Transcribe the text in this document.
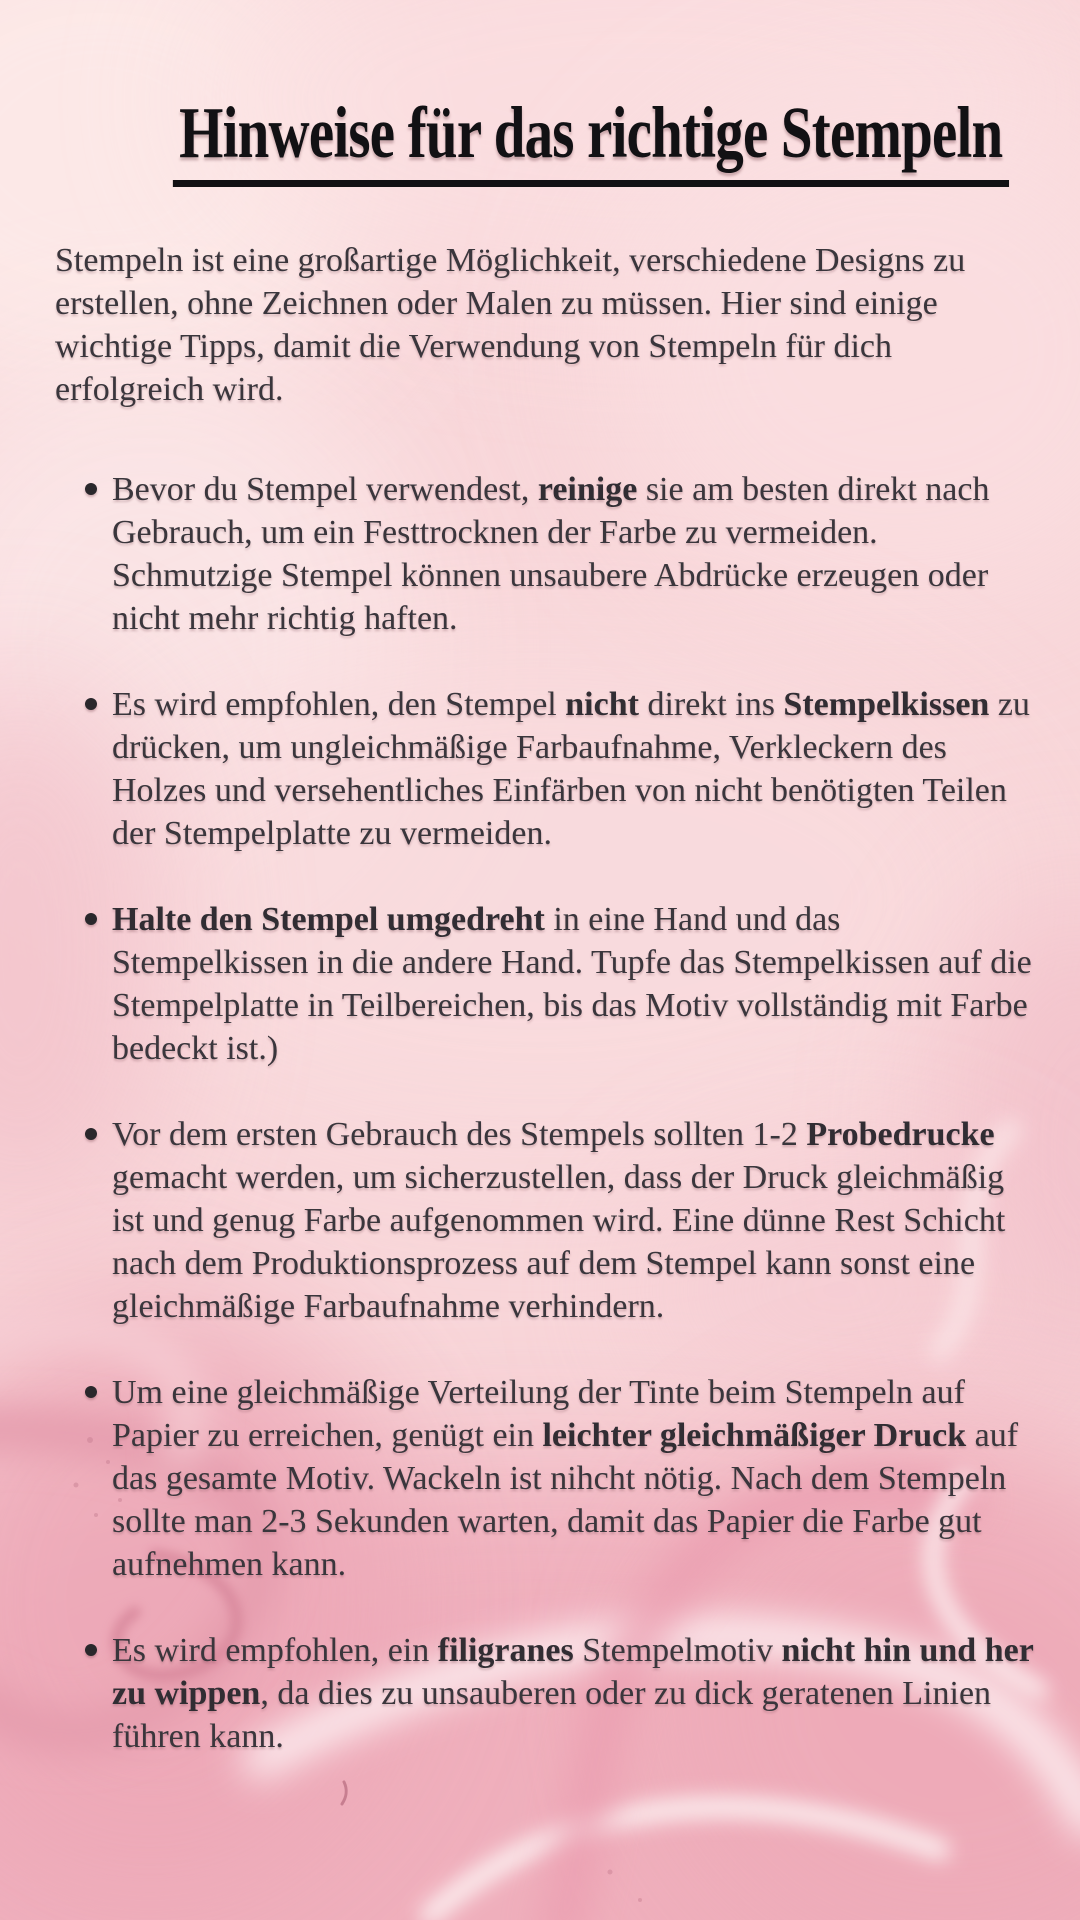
Hinweise für das richtige Stempeln

Stempeln ist eine großartige Möglichkeit, verschiedene Designs zu erstellen, ohne Zeichnen oder Malen zu müssen. Hier sind einige wichtige Tipps, damit die Verwendung von Stempeln für dich erfolgreich wird.

Bevor du Stempel verwendest, reinige sie am besten direkt nach Gebrauch, um ein Festtrocknen der Farbe zu vermeiden. Schmutzige Stempel können unsaubere Abdrücke erzeugen oder nicht mehr richtig haften.
Es wird empfohlen, den Stempel nicht direkt ins Stempelkissen zu drücken, um ungleichmäßige Farbaufnahme, Verkleckern des Holzes und versehentliches Einfärben von nicht benötigten Teilen der Stempelplatte zu vermeiden.
Halte den Stempel umgedreht in eine Hand und das Stempelkissen in die andere Hand. Tupfe das Stempelkissen auf die Stempelplatte in Teilbereichen, bis das Motiv vollständig mit Farbe bedeckt ist.)
Vor dem ersten Gebrauch des Stempels sollten 1-2 Probedrucke gemacht werden, um sicherzustellen, dass der Druck gleichmäßig ist und genug Farbe aufgenommen wird. Eine dünne Rest Schicht nach dem Produktionsprozess auf dem Stempel kann sonst eine gleichmäßige Farbaufnahme verhindern.
Um eine gleichmäßige Verteilung der Tinte beim Stempeln auf Papier zu erreichen, genügt ein leichter gleichmäßiger Druck auf das gesamte Motiv. Wackeln ist nihcht nötig. Nach dem Stempeln sollte man 2-3 Sekunden warten, damit das Papier die Farbe gut aufnehmen kann.
Es wird empfohlen, ein filigranes Stempelmotiv nicht hin und her zu wippen, da dies zu unsauberen oder zu dick geratenen Linien führen kann.
